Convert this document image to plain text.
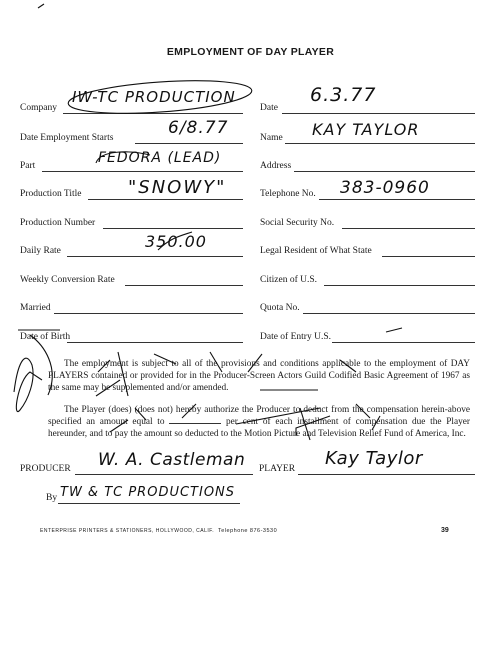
EMPLOYMENT OF DAY PLAYER
Company
Date Employment Starts
Part
Production Title
Production Number
Daily Rate
Weekly Conversion Rate
Married
Date of Birth
Date
Name
Address
Telephone No.
Social Security No.
Legal Resident of What State
Citizen of U.S.
Quota No.
Date of Entry U.S.
IW-TC PRODUCTION
6/8.77
FEDORA (LEAD)
"SNOWY"
350.00
6.3.77
KAY TAYLOR
383-0960
The employment is subject to all of the provisions and conditions applicable to the employment of DAY PLAYERS contained or provided for in the Producer-Screen Actors Guild Codified Basic Agreement of 1967 as the same may be supplemented and/or amended.
The Player (does) (does not) hereby authorize the Producer to deduct from the compensation herein-above specified an amount equal to	per cent of each installment of compensation due the Player hereunder, and to pay the amount so deducted to the Motion Picture and Television Relief Fund of America, Inc.
PRODUCER W. A. Castleman PLAYER Kay Taylor
By TW & TC PRODUCTIONS
ENTERPRISE PRINTERS & STATIONERS, HOLLYWOOD, CALIF. Telephone 876-3530	39
